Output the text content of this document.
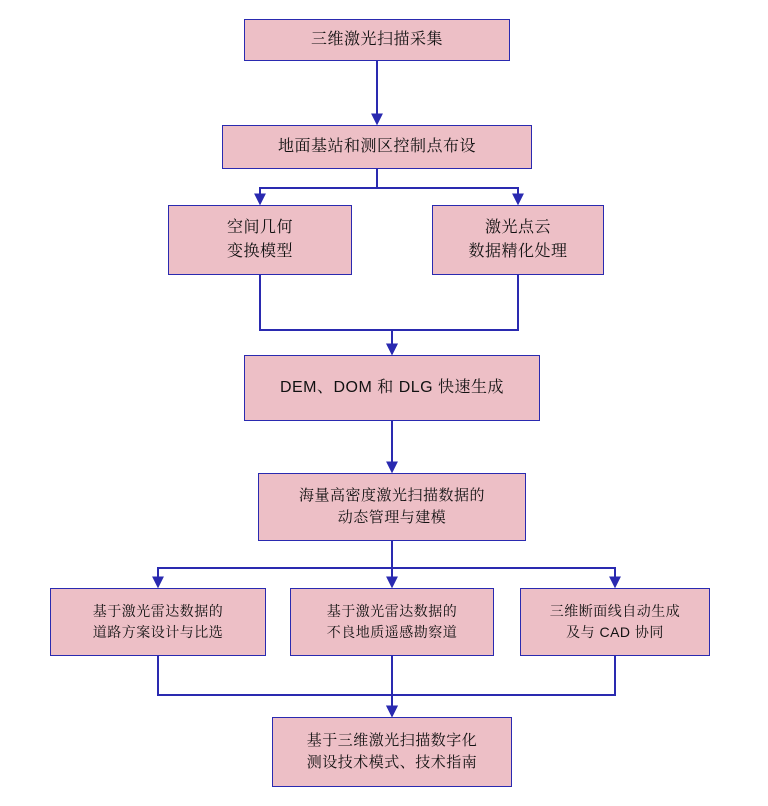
三维激光扫描采集
地面基站和测区控制点布设
空间几何
变换模型
激光点云
数据精化处理
DEM、DOM 和 DLG 快速生成
海量高密度激光扫描数据的
动态管理与建模
基于激光雷达数据的
道路方案设计与比选
基于激光雷达数据的
不良地质遥感勘察道
三维断面线自动生成
及与 CAD 协同
基于三维激光扫描数字化
测设技术模式、技术指南
